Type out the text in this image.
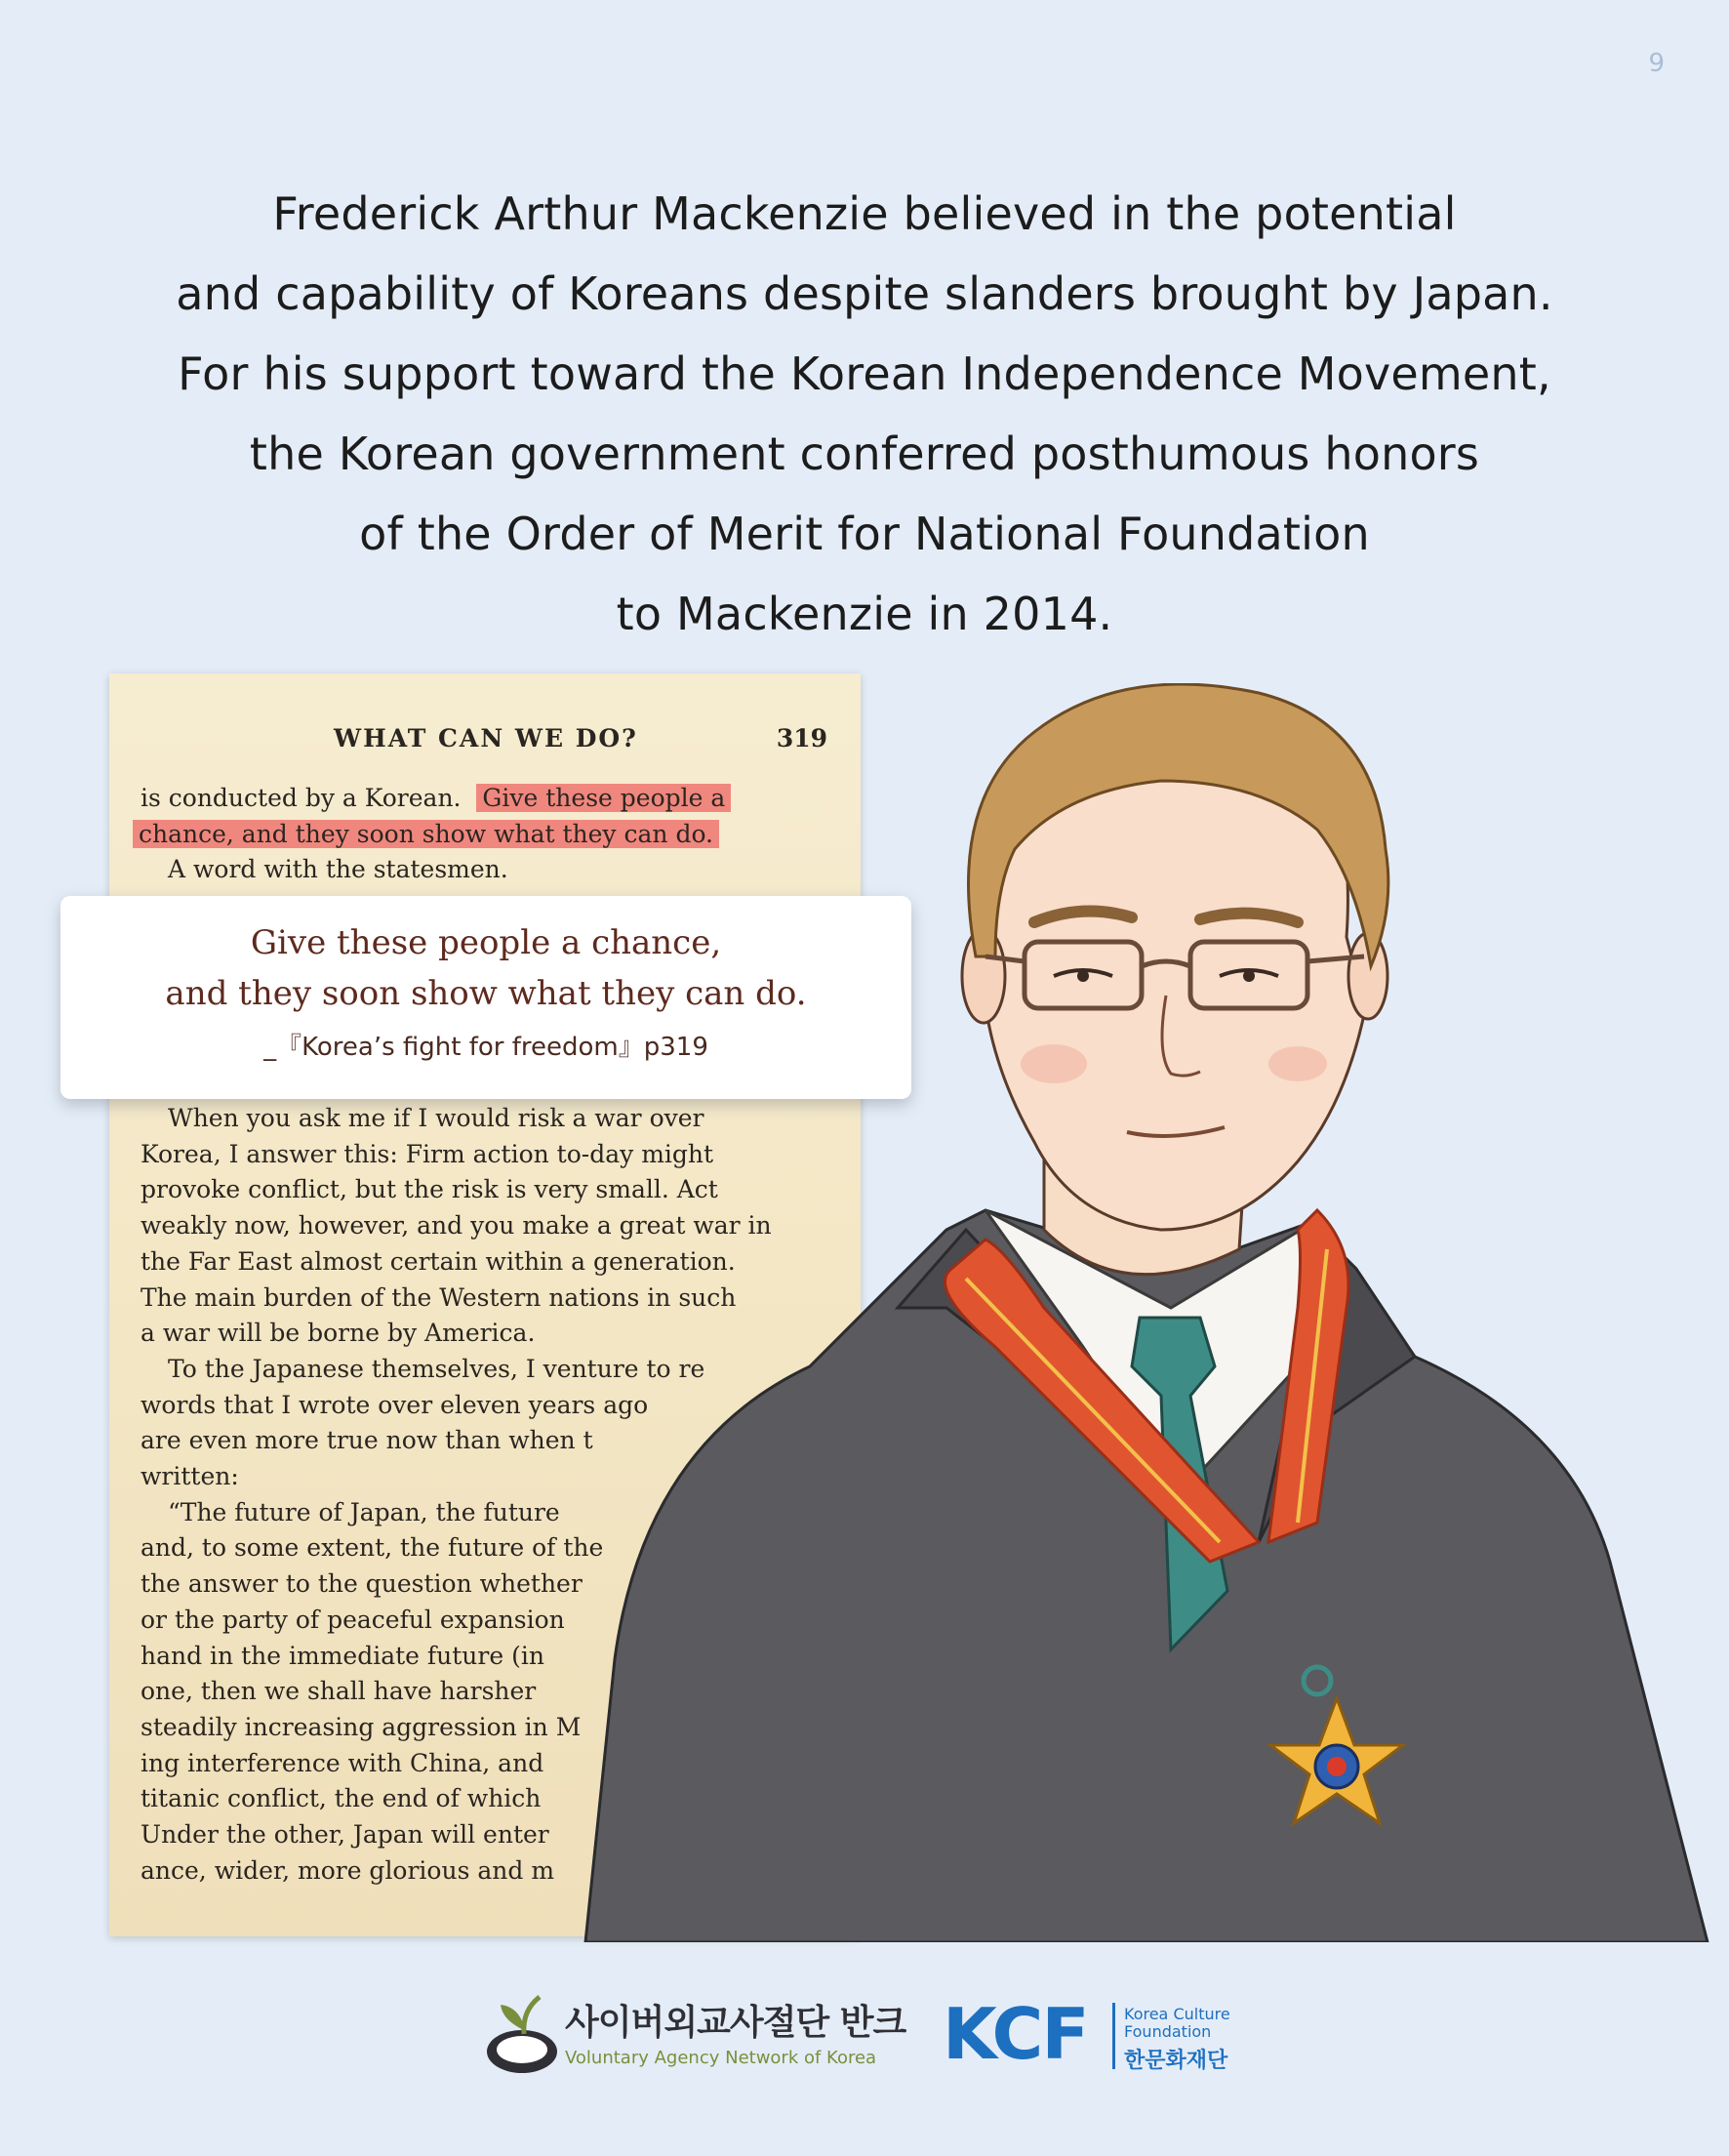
9
Frederick Arthur Mackenzie believed in the potential
and capability of Koreans despite slanders brought by Japan.
For his support toward the Korean Independence Movement,
the Korean government conferred posthumous honors
of the Order of Merit for National Foundation
to Mackenzie in 2014.
WHAT CAN WE DO?	319
is conducted by a Korean. Give these people a
chance, and they soon show what they can do.
A word with the statesmen.
When you ask me if I would risk a war over
Korea, I answer this: Firm action to-day might
provoke conflict, but the risk is very small. Act
weakly now, however, and you make a great war in
the Far East almost certain within a generation.
The main burden of the Western nations in such
a war will be borne by America.
To the Japanese themselves, I venture to re
words that I wrote over eleven years ago
are even more true now than when t
written:
“The future of Japan, the future
and, to some extent, the future of the
the answer to the question whether
or the party of peaceful expansion
hand in the immediate future (in
one, then we shall have harsher
steadily increasing aggression in M
ing interference with China, and
titanic conflict, the end of which
Under the other, Japan will enter
ance, wider, more glorious and m
Give these people a chance,
and they soon show what they can do.
_『Korea’s fight for freedom』p319
사이버외교사절단 반크
Voluntary Agency Network of Korea KCF Korea Culture
Foundation
한문화재단
